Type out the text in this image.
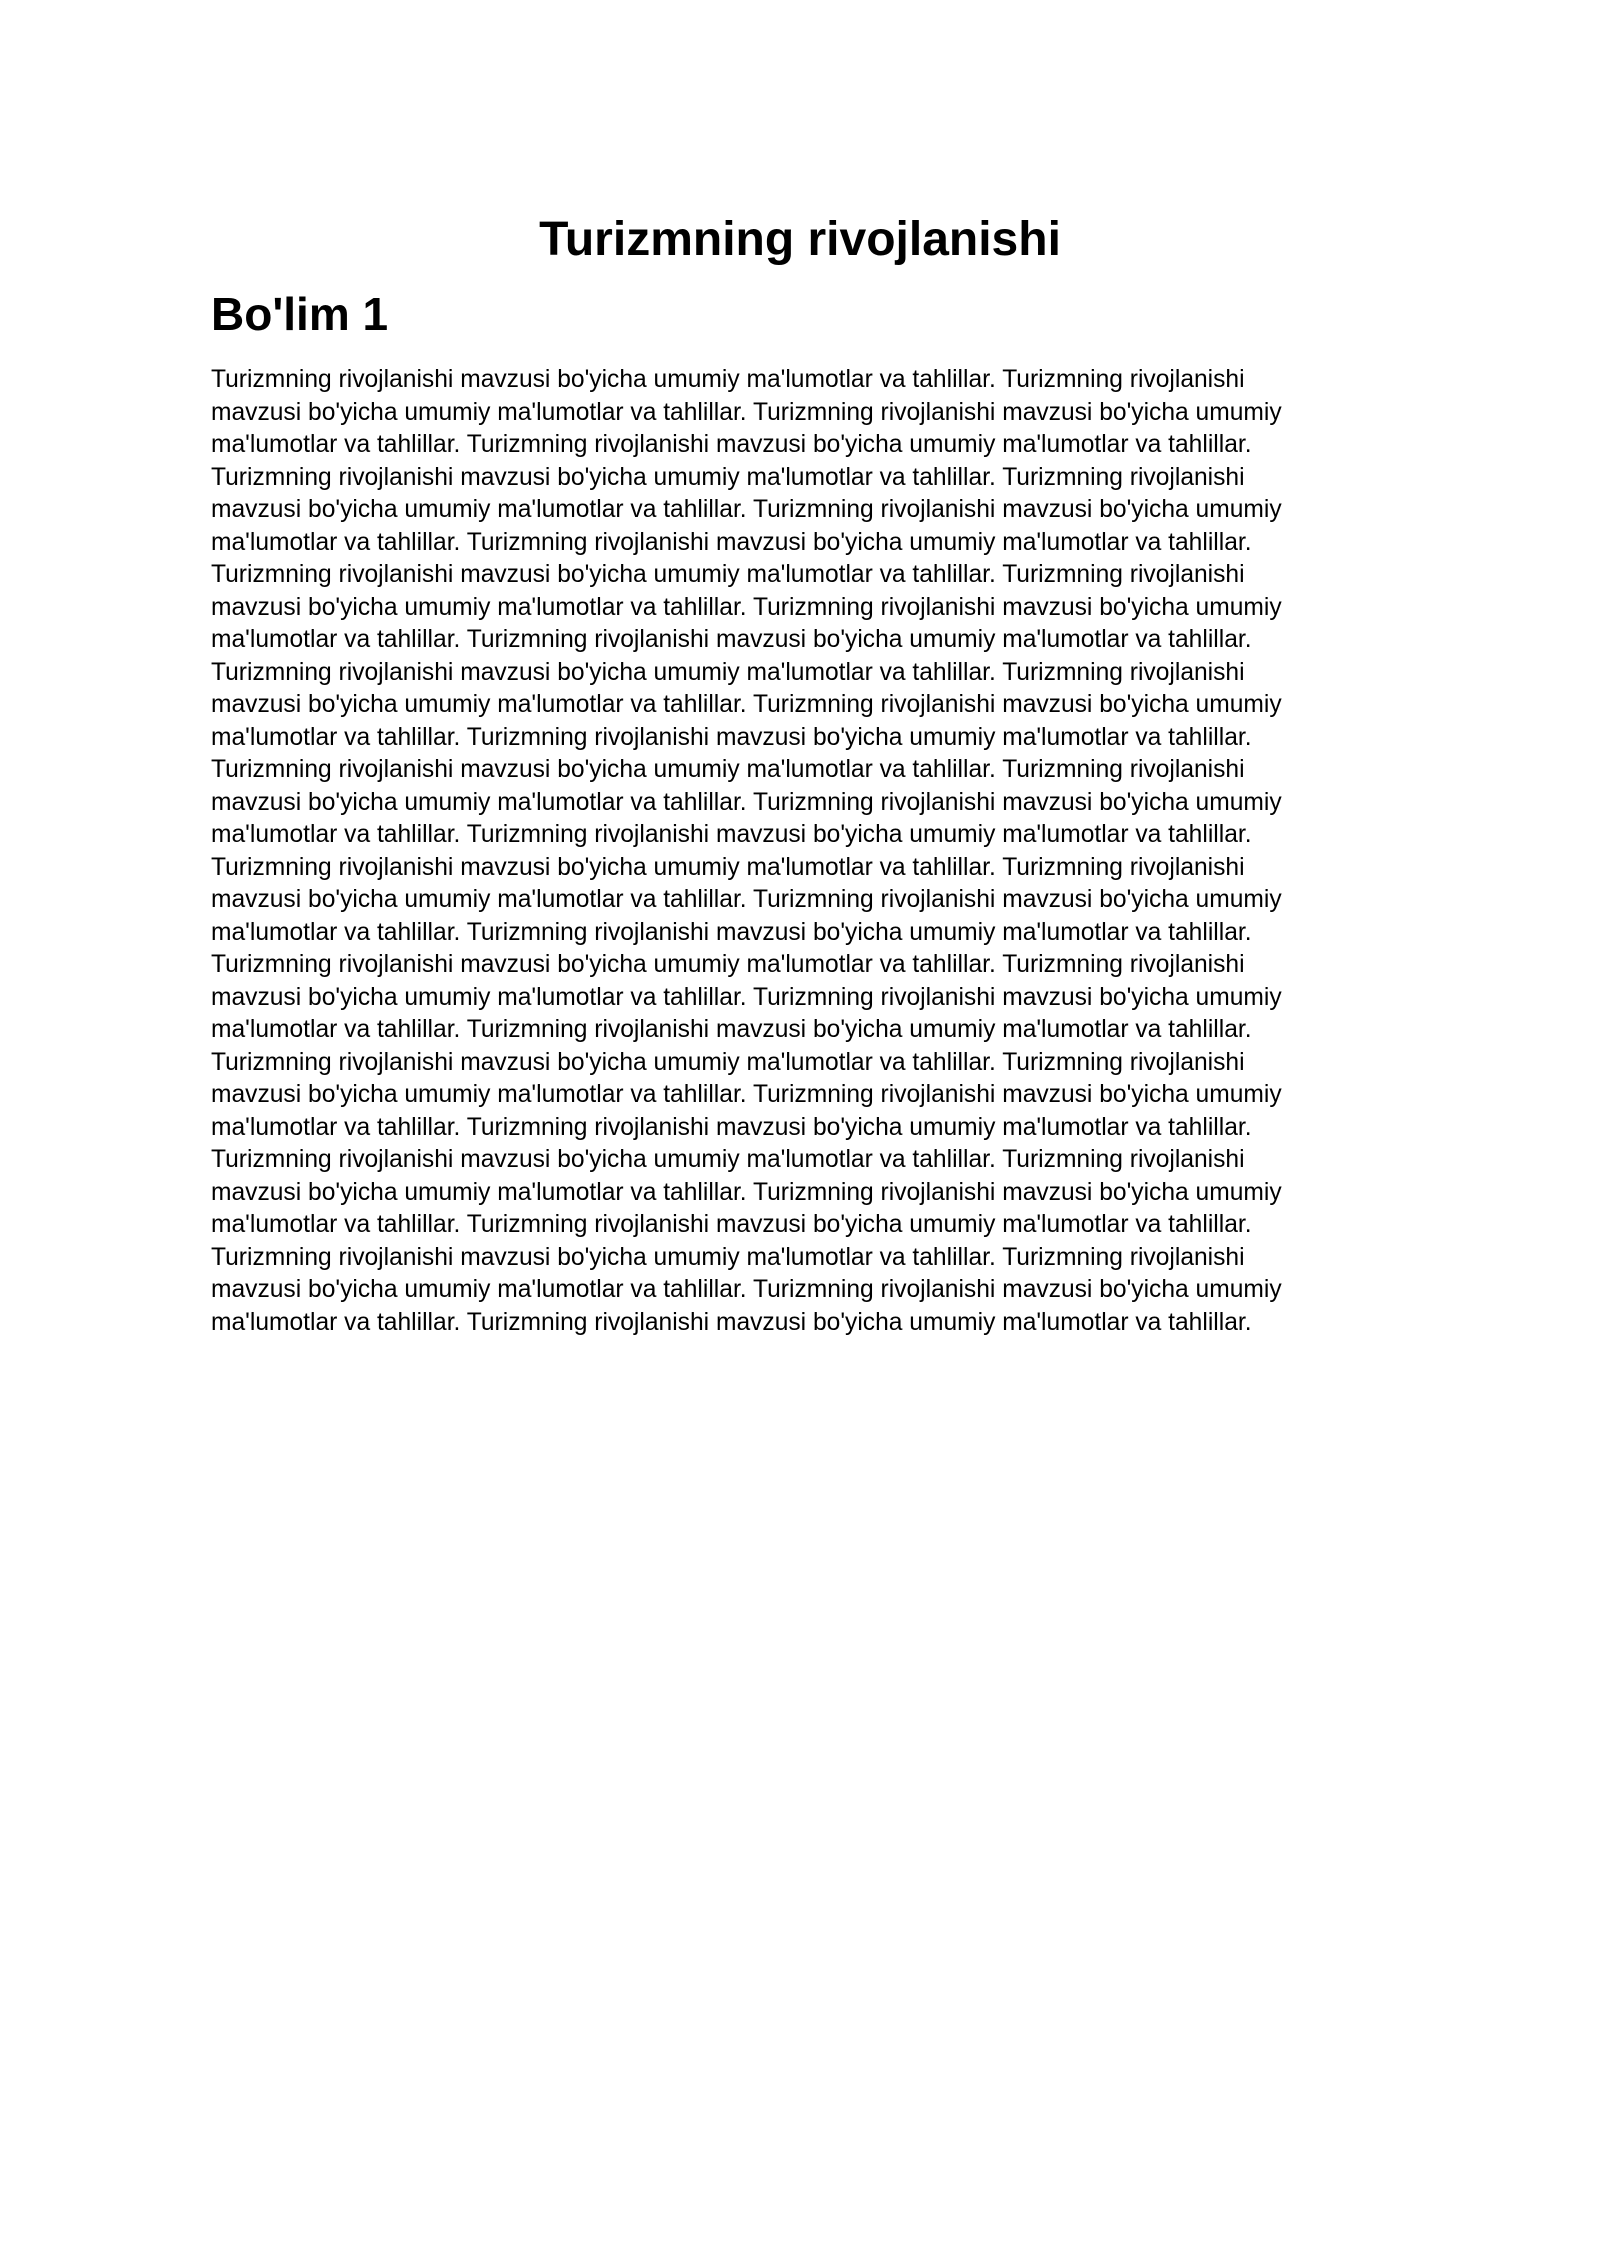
Turizmning rivojlanishi
Bo'lim 1

Turizmning rivojlanishi mavzusi bo'yicha umumiy ma'lumotlar va tahlillar. Turizmning rivojlanishi
mavzusi bo'yicha umumiy ma'lumotlar va tahlillar. Turizmning rivojlanishi mavzusi bo'yicha umumiy
ma'lumotlar va tahlillar. Turizmning rivojlanishi mavzusi bo'yicha umumiy ma'lumotlar va tahlillar.
Turizmning rivojlanishi mavzusi bo'yicha umumiy ma'lumotlar va tahlillar. Turizmning rivojlanishi
mavzusi bo'yicha umumiy ma'lumotlar va tahlillar. Turizmning rivojlanishi mavzusi bo'yicha umumiy
ma'lumotlar va tahlillar. Turizmning rivojlanishi mavzusi bo'yicha umumiy ma'lumotlar va tahlillar.
Turizmning rivojlanishi mavzusi bo'yicha umumiy ma'lumotlar va tahlillar. Turizmning rivojlanishi
mavzusi bo'yicha umumiy ma'lumotlar va tahlillar. Turizmning rivojlanishi mavzusi bo'yicha umumiy
ma'lumotlar va tahlillar. Turizmning rivojlanishi mavzusi bo'yicha umumiy ma'lumotlar va tahlillar.
Turizmning rivojlanishi mavzusi bo'yicha umumiy ma'lumotlar va tahlillar. Turizmning rivojlanishi
mavzusi bo'yicha umumiy ma'lumotlar va tahlillar. Turizmning rivojlanishi mavzusi bo'yicha umumiy
ma'lumotlar va tahlillar. Turizmning rivojlanishi mavzusi bo'yicha umumiy ma'lumotlar va tahlillar.
Turizmning rivojlanishi mavzusi bo'yicha umumiy ma'lumotlar va tahlillar. Turizmning rivojlanishi
mavzusi bo'yicha umumiy ma'lumotlar va tahlillar. Turizmning rivojlanishi mavzusi bo'yicha umumiy
ma'lumotlar va tahlillar. Turizmning rivojlanishi mavzusi bo'yicha umumiy ma'lumotlar va tahlillar.
Turizmning rivojlanishi mavzusi bo'yicha umumiy ma'lumotlar va tahlillar. Turizmning rivojlanishi
mavzusi bo'yicha umumiy ma'lumotlar va tahlillar. Turizmning rivojlanishi mavzusi bo'yicha umumiy
ma'lumotlar va tahlillar. Turizmning rivojlanishi mavzusi bo'yicha umumiy ma'lumotlar va tahlillar.
Turizmning rivojlanishi mavzusi bo'yicha umumiy ma'lumotlar va tahlillar. Turizmning rivojlanishi
mavzusi bo'yicha umumiy ma'lumotlar va tahlillar. Turizmning rivojlanishi mavzusi bo'yicha umumiy
ma'lumotlar va tahlillar. Turizmning rivojlanishi mavzusi bo'yicha umumiy ma'lumotlar va tahlillar.
Turizmning rivojlanishi mavzusi bo'yicha umumiy ma'lumotlar va tahlillar. Turizmning rivojlanishi
mavzusi bo'yicha umumiy ma'lumotlar va tahlillar. Turizmning rivojlanishi mavzusi bo'yicha umumiy
ma'lumotlar va tahlillar. Turizmning rivojlanishi mavzusi bo'yicha umumiy ma'lumotlar va tahlillar.
Turizmning rivojlanishi mavzusi bo'yicha umumiy ma'lumotlar va tahlillar. Turizmning rivojlanishi
mavzusi bo'yicha umumiy ma'lumotlar va tahlillar. Turizmning rivojlanishi mavzusi bo'yicha umumiy
ma'lumotlar va tahlillar. Turizmning rivojlanishi mavzusi bo'yicha umumiy ma'lumotlar va tahlillar.
Turizmning rivojlanishi mavzusi bo'yicha umumiy ma'lumotlar va tahlillar. Turizmning rivojlanishi
mavzusi bo'yicha umumiy ma'lumotlar va tahlillar. Turizmning rivojlanishi mavzusi bo'yicha umumiy
ma'lumotlar va tahlillar. Turizmning rivojlanishi mavzusi bo'yicha umumiy ma'lumotlar va tahlillar.
